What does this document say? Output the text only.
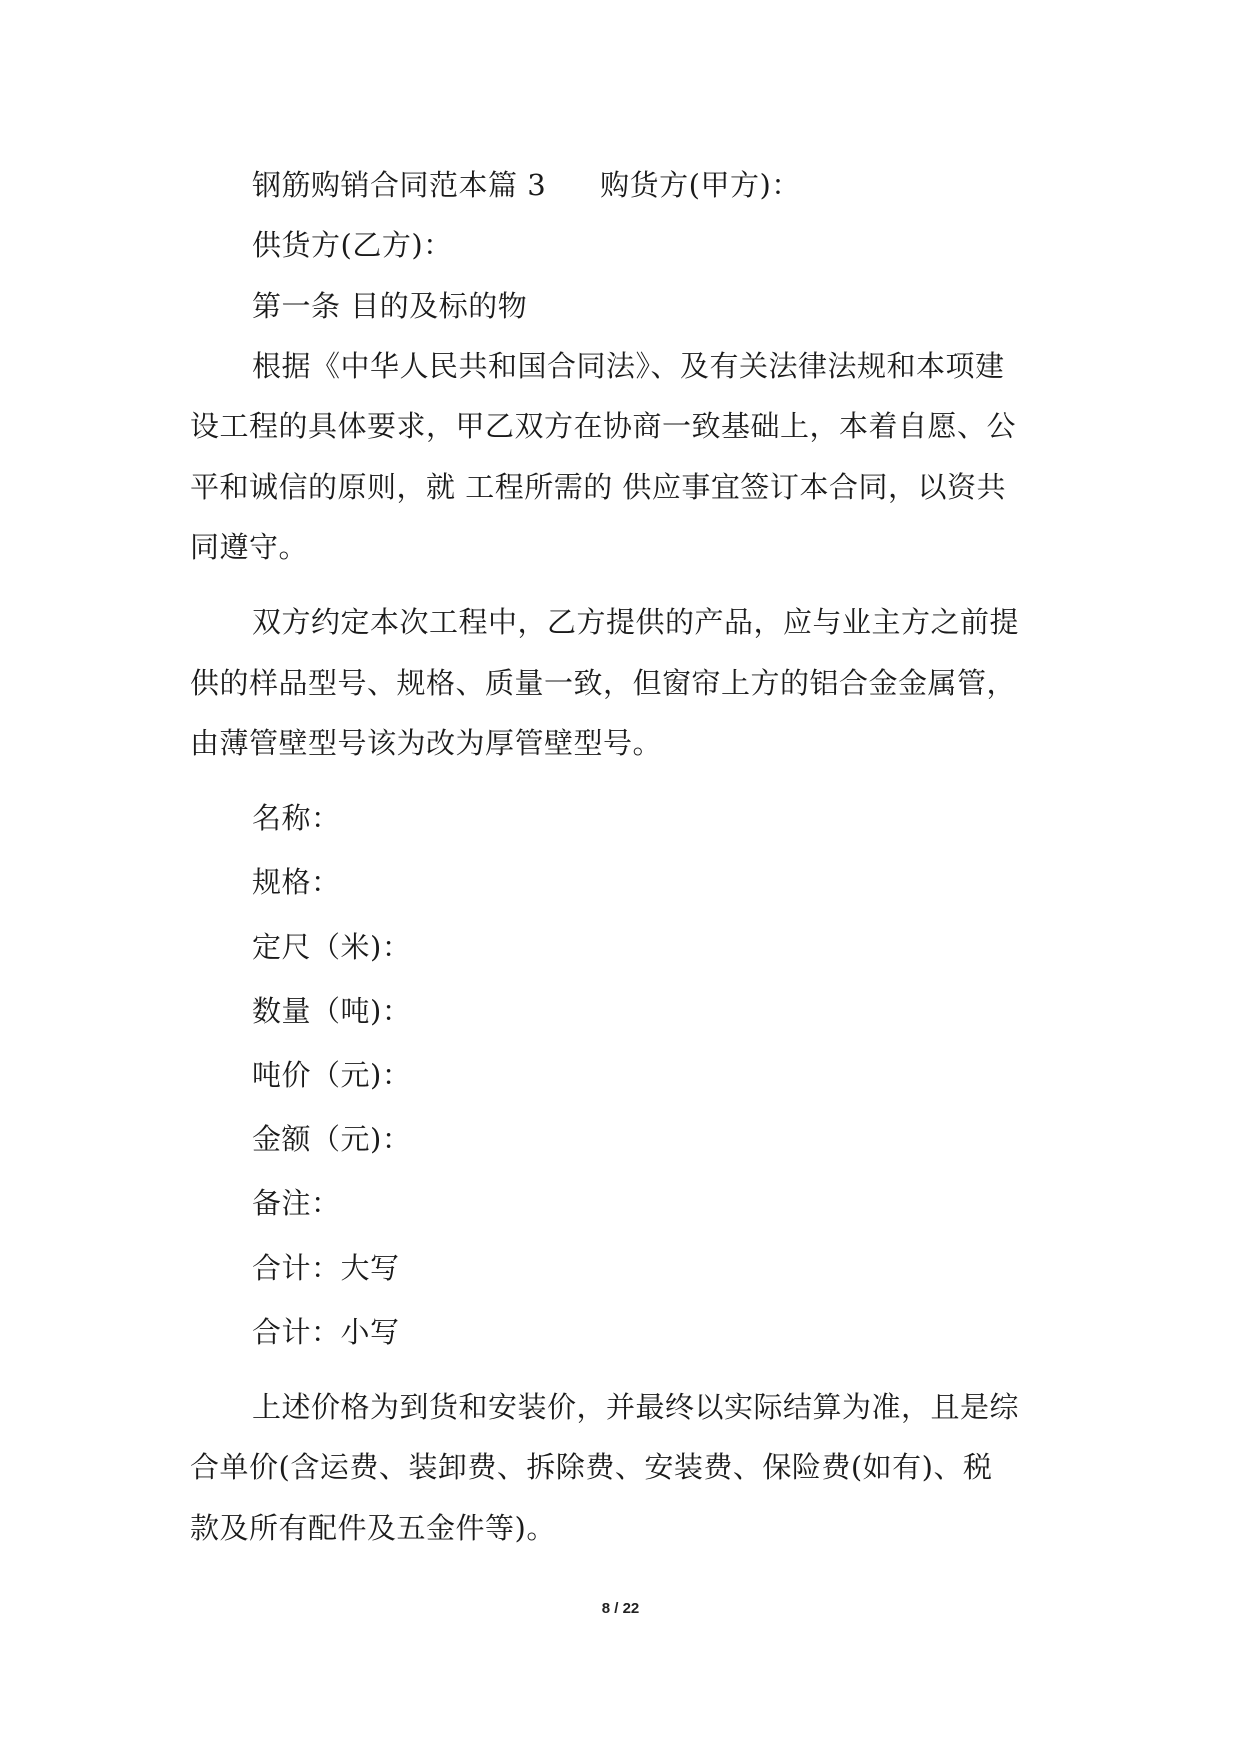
钢筋购销合同范本篇 3 购货方(甲方)：
供货方(乙方)：
第一条 目的及标的物
根据《中华人民共和国合同法》、及有关法律法规和本项建
设工程的具体要求，甲乙双方在协商一致基础上，本着自愿、公
平和诚信的原则，就 工程所需的 供应事宜签订本合同，以资共
同遵守。
双方约定本次工程中，乙方提供的产品，应与业主方之前提
供的样品型号、规格、质量一致，但窗帘上方的铝合金金属管，
由薄管壁型号该为改为厚管壁型号。
名称：
规格：
定尺（米)：
数量（吨)：
吨价（元)：
金额（元)：
备注：
合计：大写
合计：小写
上述价格为到货和安装价，并最终以实际结算为准，且是综
合单价(含运费、装卸费、拆除费、安装费、保险费(如有)、税
款及所有配件及五金件等)。
8 / 22
